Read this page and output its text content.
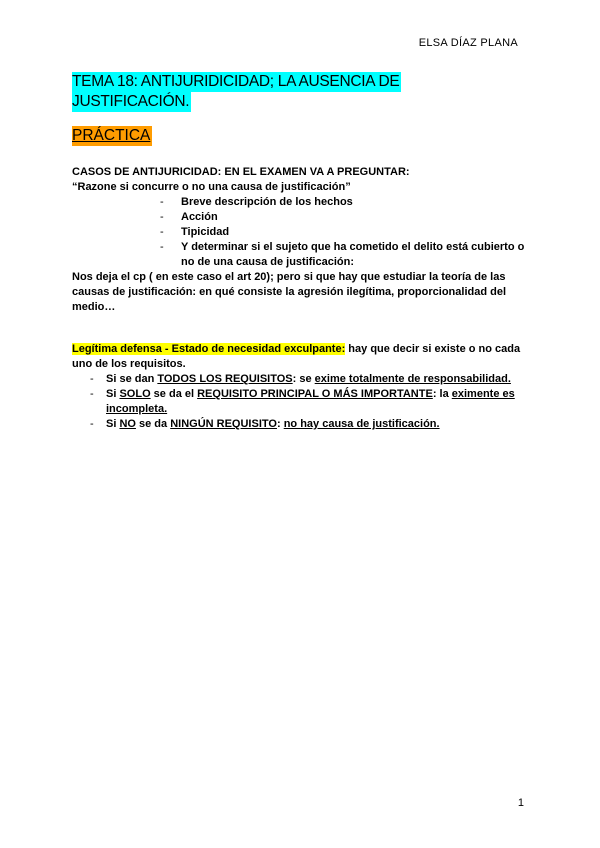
ELSA DÍAZ PLANA
TEMA 18: ANTIJURIDICIDAD; LA AUSENCIA DE
JUSTIFICACIÓN.
PRÁCTICA

CASOS DE ANTIJURICIDAD: EN EL EXAMEN VA A PREGUNTAR:

“Razone si concurre o no una causa de justificación”

- Breve descripción de los hechos
- Acción
- Tipicidad
- Y determinar si el sujeto que ha cometido el delito está cubierto o no de una causa de justificación:

Nos deja el cp ( en este caso el art 20); pero si que hay que estudiar la teoría de las causas de justificación: en qué consiste la agresión ilegítima, proporcionalidad del medio…

Legítima defensa - Estado de necesidad exculpante: hay que decir si existe o no cada uno de los requisitos.

- Si se dan TODOS LOS REQUISITOS: se exime totalmente de responsabilidad.
- Si SOLO se da el REQUISITO PRINCIPAL O MÁS IMPORTANTE: la eximente es incompleta.
- Si NO se da NINGÚN REQUISITO: no hay causa de justificación.
1
